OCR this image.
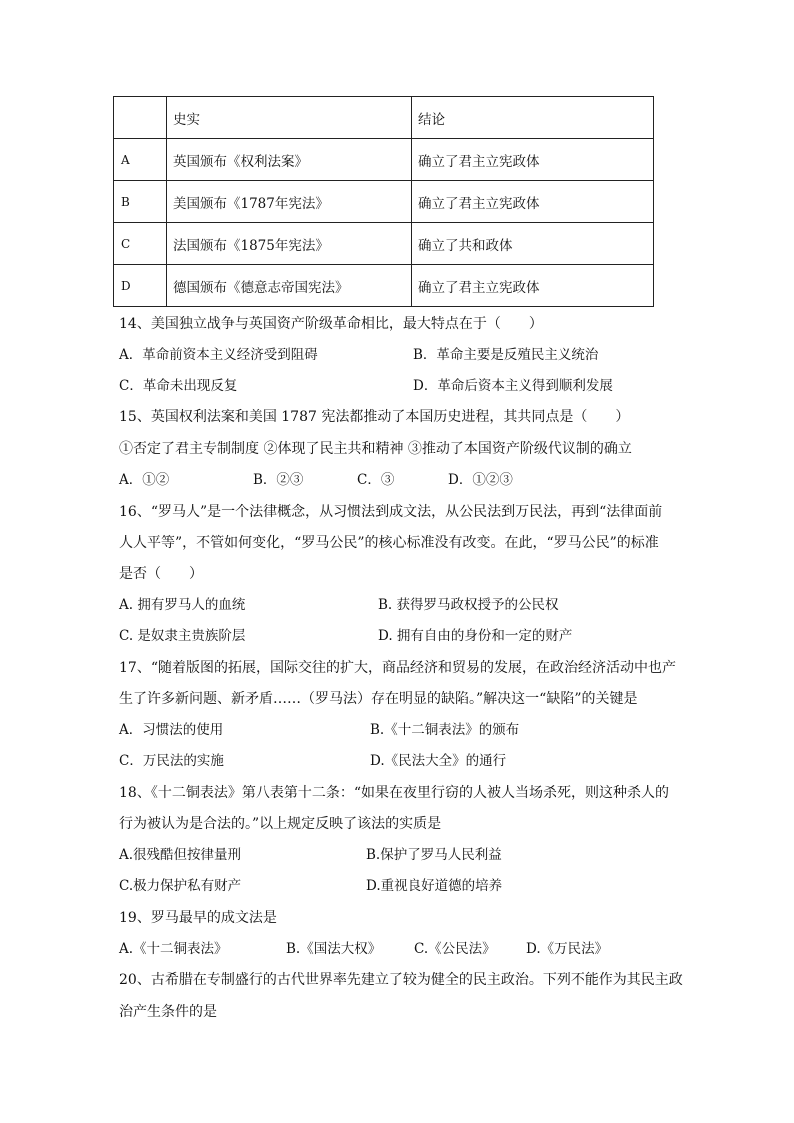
	史实	结论
A	英国颁布《权利法案》	确立了君主立宪政体
B	美国颁布《1787年宪法》	确立了君主立宪政体
C	法国颁布《1875年宪法》	确立了共和政体
D	德国颁布《德意志帝国宪法》	确立了君主立宪政体
14、美国独立战争与英国资产阶级革命相比，最大特点在于（　　）
A．革命前资本主义经济受到阻碍	B．革命主要是反殖民主义统治
C．革命未出现反复	D．革命后资本主义得到顺利发展
15、英国权利法案和美国 1787 宪法都推动了本国历史进程，其共同点是（　　）
①否定了君主专制制度 ②体现了民主共和精神 ③推动了本国资产阶级代议制的确立
A．①②	B．②③	C．③	D．①②③
16、“罗马人”是一个法律概念，从习惯法到成文法，从公民法到万民法，再到“法律面前
人人平等”，不管如何变化，“罗马公民”的核心标准没有改变。在此，“罗马公民”的标准
是否（　　）
A. 拥有罗马人的血统	B. 获得罗马政权授予的公民权
C. 是奴隶主贵族阶层	D. 拥有自由的身份和一定的财产
17、“随着版图的拓展，国际交往的扩大，商品经济和贸易的发展，在政治经济活动中也产
生了许多新问题、新矛盾……（罗马法）存在明显的缺陷。”解决这一“缺陷”的关键是
A．习惯法的使用	B.《十二铜表法》的颁布
C．万民法的实施	D.《民法大全》的通行
18、《十二铜表法》第八表第十二条：“如果在夜里行窃的人被人当场杀死，则这种杀人的
行为被认为是合法的。”以上规定反映了该法的实质是
A.很残酷但按律量刑	B.保护了罗马人民利益
C.极力保护私有财产	D.重视良好道德的培养
19、罗马最早的成文法是
A.《十二铜表法》	B.《国法大权》 C.《公民法》 D.《万民法》
20、古希腊在专制盛行的古代世界率先建立了较为健全的民主政治。下列不能作为其民主政
治产生条件的是
